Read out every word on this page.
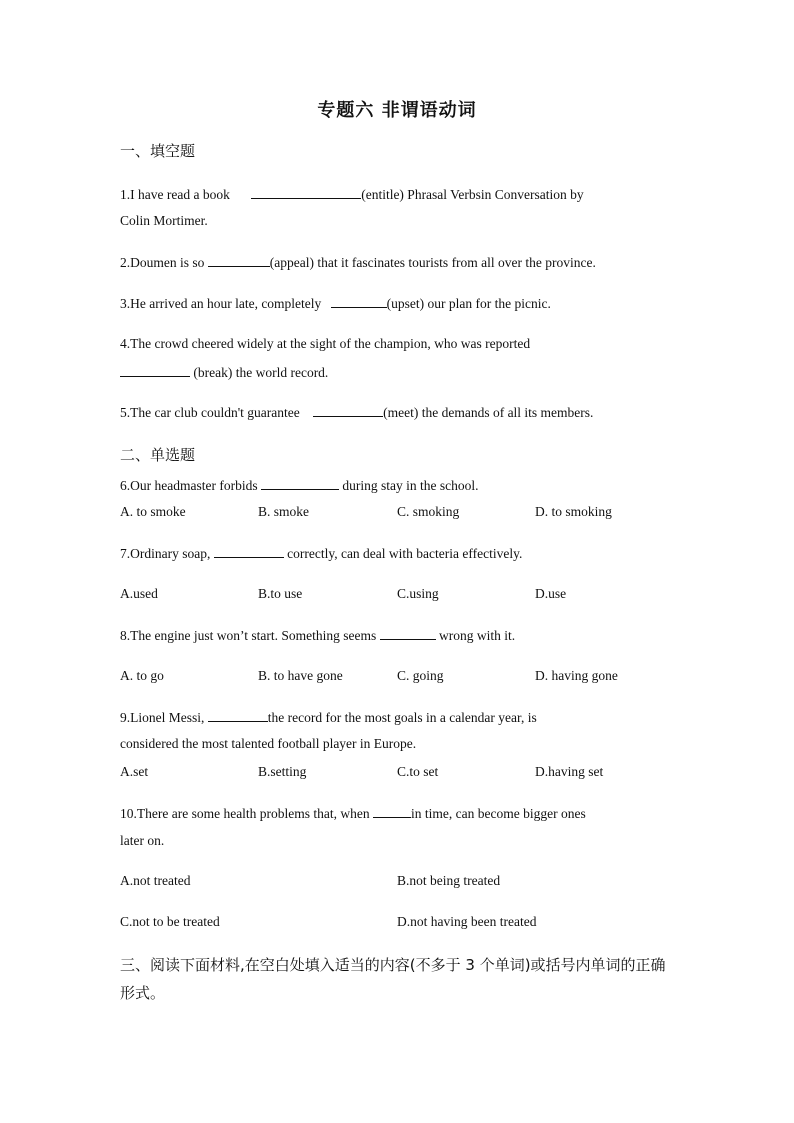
专题六 非谓语动词
一、填空题
1.I have read a book	(entitle) Phrasal Verbsin Conversation by
Colin Mortimer.
2.Doumen is so	(appeal) that it fascinates tourists from all over the province.
3.He arrived an hour late, completely	(upset) our plan for the picnic.
4.The crowd cheered widely at the sight of the champion, who was reported
(break) the world record.
5.The car club couldn't guarantee	(meet) the demands of all its members.
二、单选题
6.Our headmaster forbids	during stay in the school.
A. to smoke	B. smoke	C. smoking	D. to smoking
7.Ordinary soap,	correctly, can deal with bacteria effectively.
A.used	B.to use	C.using	D.use
8.The engine just won’t start. Something seems	wrong with it.
A. to go	B. to have gone	C. going	D. having gone
9.Lionel Messi,	the record for the most goals in a calendar year, is
considered the most talented football player in Europe.
A.set	B.setting	C.to set	D.having set
10.There are some health problems that, when	in time, can become bigger ones
later on.
A.not treated	B.not being treated
C.not to be treated	D.not having been treated
三、阅读下面材料,在空白处填入适当的内容(不多于 3 个单词)或括号内单词的正确形式。
